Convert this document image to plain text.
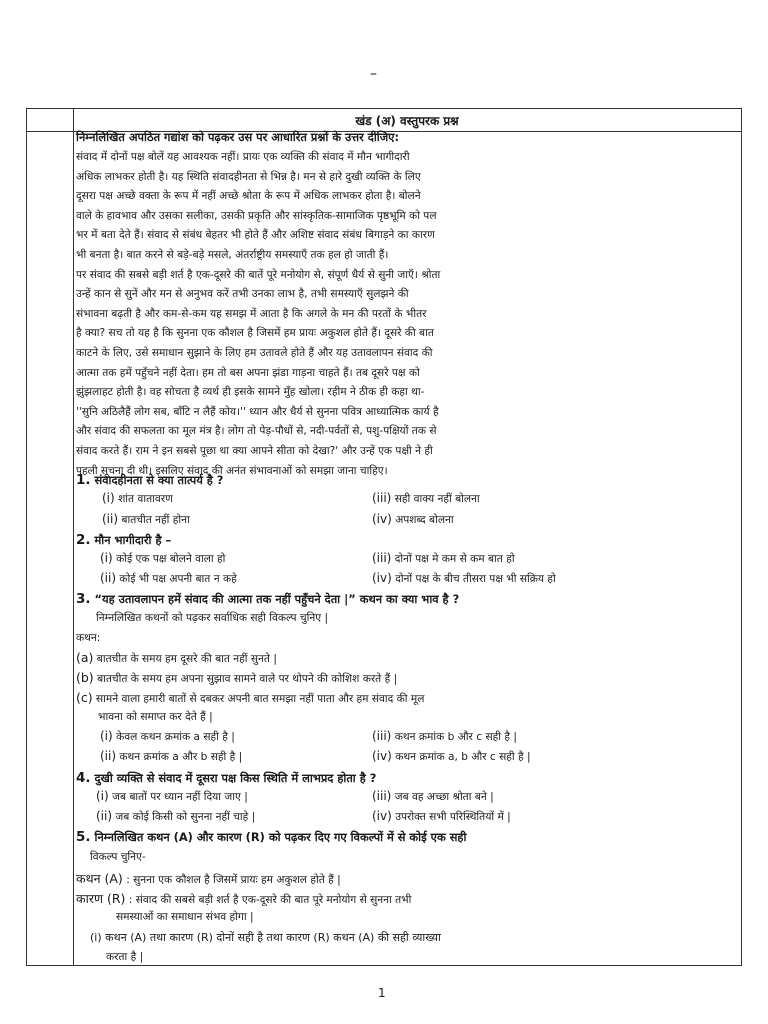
–
खंड (अ) वस्तुपरक प्रश्न
निम्नलिखित अपठित गद्यांश को पढ़कर उस पर आधारित प्रश्नों के उत्तर दीजिए:
संवाद में दोनों पक्ष बोलें यह आवश्यक नहीं। प्रायः एक व्यक्ति की संवाद में मौन भागीदारी
अधिक लाभकर होती है। यह स्थिति संवादहीनता से भिन्न है। मन से हारे दुखी व्यक्ति के लिए
दूसरा पक्ष अच्छे वक्ता के रूप में नहीं अच्छे श्रोता के रूप में अधिक लाभकर होता है। बोलने
वाले के हावभाव और उसका सलीका, उसकी प्रकृति और सांस्कृतिक-सामाजिक पृष्ठभूमि को पल
भर में बता देते हैं। संवाद से संबंध बेहतर भी होते हैं और अशिष्ट संवाद संबंध बिगाड़ने का कारण
भी बनता है। बात करने से बड़े-बड़े मसले, अंतर्राष्ट्रीय समस्याएँ तक हल हो जाती हैं।
पर संवाद की सबसे बड़ी शर्त है एक-दूसरे की बातें पूरे मनोयोग से, संपूर्ण धैर्य से सुनी जाएँ। श्रोता
उन्हें कान से सुनें और मन से अनुभव करें तभी उनका लाभ है, तभी समस्याएँ सुलझने की
संभावना बढ़ती है और कम-से-कम यह समझ में आता है कि अगले के मन की परतों के भीतर
है क्या? सच तो यह है कि सुनना एक कौशल है जिसमें हम प्रायः अकुशल होते हैं। दूसरे की बात
काटने के लिए, उसे समाधान सुझाने के लिए हम उतावले होते हैं और यह उतावलापन संवाद की
आत्मा तक हमें पहुँचने नहीं देता। हम तो बस अपना झंडा गाड़ना चाहते हैं। तब दूसरे पक्ष को
झुंझलाहट होती है। वह सोचता है व्यर्थ ही इसके सामने मुँह खोला। रहीम ने ठीक ही कहा था-
''सुनि अठिलैहैं लोग सब, बाँटि न लैहैं कोय।'' ध्यान और धैर्य से सुनना पवित्र आध्यात्मिक कार्य है
और संवाद की सफलता का मूल मंत्र है। लोग तो पेड़-पौधों से, नदी-पर्वतों से, पशु-पक्षियों तक से
संवाद करते हैं। राम ने इन सबसे पूछा था क्या आपने सीता को देखा?' और उन्हें एक पक्षी ने ही
पहली सूचना दी थी। इसलिए संवाद की अनंत संभावनाओं को समझा जाना चाहिए।
1. संवादहीनता से क्या तात्पर्य है ?
(i) शांत वातावरण	(iii) सही वाक्य नहीं बोलना
(ii) बातचीत नहीं होना	(iv) अपशब्द बोलना
2. मौन भागीदारी है –
(i) कोई एक पक्ष बोलने वाला हो	(iii) दोनों पक्ष मे कम से कम बात हो
(ii) कोई भी पक्ष अपनी बात न कहे	(iv) दोनों पक्ष के बीच तीसरा पक्ष भी सक्रिय हो
3. “यह उतावलापन हमें संवाद की आत्मा तक नहीं पहुँचने देता |” कथन का क्या भाव है ?
निम्नलिखित कथनों को पढ़कर सर्वाधिक सही विकल्प चुनिए |
कथन:
(a) बातचीत के समय हम दूसरे की बात नहीं सुनते |
(b) बातचीत के समय हम अपना सुझाव सामने वाले पर थोपने की कोशिश करते हैं |
(c) सामने वाला हमारी बातों से दबकर अपनी बात समझा नहीं पाता और हम संवाद की मूल
भावना को समाप्त कर देते हैं |
(i) केवल कथन क्रमांक a सही है |	(iii) कथन क्रमांक b और c सही है |
(ii) कथन क्रमांक a और b सही है |	(iv) कथन क्रमांक a, b और c सही है |
4. दुखी व्यक्ति से संवाद में दूसरा पक्ष किस स्थिति में लाभप्रद होता है ?
(i) जब बातों पर ध्यान नहीं दिया जाए |	(iii) जब वह अच्छा श्रोता बने |
(ii) जब कोई किसी को सुनना नहीं चाहे |	(iv) उपरोक्त सभी परिस्थितियों में |
5. निम्नलिखित कथन (A) और कारण (R) को पढ़कर दिए गए विकल्पों में से कोई एक सही
विकल्प चुनिए-
कथन (A) : सुनना एक कौशल है जिसमें प्रायः हम अकुशल होते हैं |
कारण (R) : संवाद की सबसे बड़ी शर्त है एक-दूसरे की बात पूरे मनोयोग से सुनना तभी
समस्याओं का समाधान संभव होगा |
(i) कथन (A) तथा कारण (R) दोनों सही है तथा कारण (R) कथन (A) की सही व्याख्या
करता है |
1
